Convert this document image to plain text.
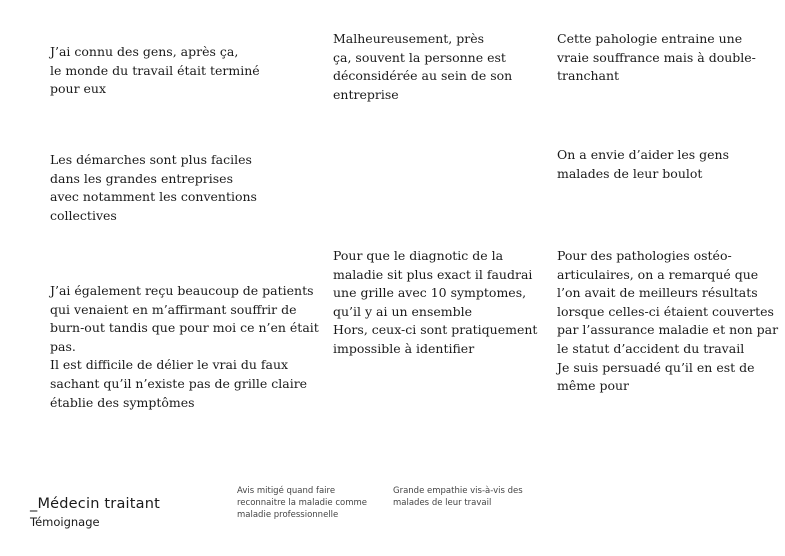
J’ai connu des gens, après ça,
le monde du travail était terminé
pour eux
Malheureusement, près
ça, souvent la personne est
déconsidérée au sein de son
entreprise
Cette pahologie entraine une
vraie souffrance mais à double-
tranchant
Les démarches sont plus faciles
dans les grandes entreprises
avec notamment les conventions
collectives
On a envie d’aider les gens
malades de leur boulot
J’ai également reçu beaucoup de patients
qui venaient en m’affirmant souffrir de
burn-out tandis que pour moi ce n’en était
pas.
Il est difficile de délier le vrai du faux
sachant qu’il n’existe pas de grille claire
établie des symptômes
Pour que le diagnotic de la
maladie sit plus exact il faudrai
une grille avec 10 symptomes,
qu’il y ai un ensemble
Hors, ceux-ci sont pratiquement
impossible à identifier
Pour des pathologies ostéo-
articulaires, on a remarqué que
l’on avait de meilleurs résultats
lorsque celles-ci étaient couvertes
par l’assurance maladie et non par
le statut d’accident du travail
Je suis persuadé qu’il en est de
même pour
_Médecin traitant
Témoignage
Avis mitigé quand faire
reconnaitre la maladie comme
maladie professionnelle
Grande empathie vis-à-vis des
malades de leur travail
